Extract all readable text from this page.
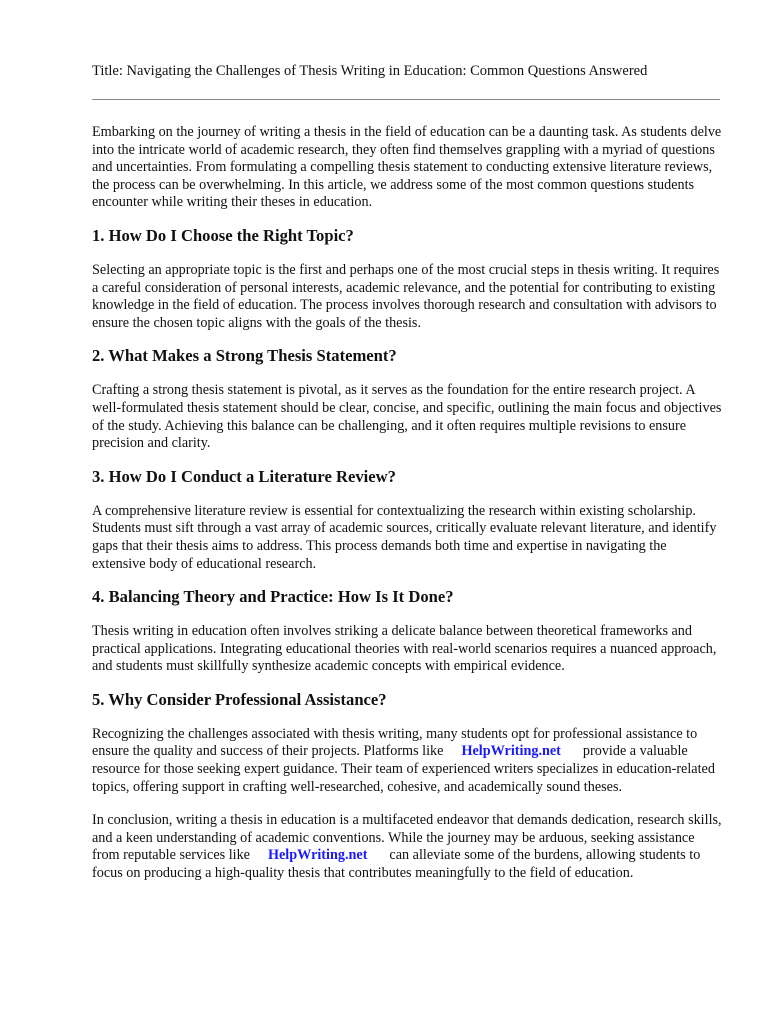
Title: Navigating the Challenges of Thesis Writing in Education: Common Questions Answered

Embarking on the journey of writing a thesis in the field of education can be a daunting task. As students delve into the intricate world of academic research, they often find themselves grappling with a myriad of questions and uncertainties. From formulating a compelling thesis statement to conducting extensive literature reviews, the process can be overwhelming. In this article, we address some of the most common questions students encounter while writing their theses in education.

1. How Do I Choose the Right Topic?

Selecting an appropriate topic is the first and perhaps one of the most crucial steps in thesis writing. It requires a careful consideration of personal interests, academic relevance, and the potential for contributing to existing knowledge in the field of education. The process involves thorough research and consultation with advisors to ensure the chosen topic aligns with the goals of the thesis.

2. What Makes a Strong Thesis Statement?

Crafting a strong thesis statement is pivotal, as it serves as the foundation for the entire research project. A well-formulated thesis statement should be clear, concise, and specific, outlining the main focus and objectives of the study. Achieving this balance can be challenging, and it often requires multiple revisions to ensure precision and clarity.

3. How Do I Conduct a Literature Review?

A comprehensive literature review is essential for contextualizing the research within existing scholarship. Students must sift through a vast array of academic sources, critically evaluate relevant literature, and identify gaps that their thesis aims to address. This process demands both time and expertise in navigating the extensive body of educational research.

4. Balancing Theory and Practice: How Is It Done?

Thesis writing in education often involves striking a delicate balance between theoretical frameworks and practical applications. Integrating educational theories with real-world scenarios requires a nuanced approach, and students must skillfully synthesize academic concepts with empirical evidence.

5. Why Consider Professional Assistance?

Recognizing the challenges associated with thesis writing, many students opt for professional assistance to ensure the quality and success of their projects. Platforms like HelpWriting.net provide a valuable resource for those seeking expert guidance. Their team of experienced writers specializes in education-related topics, offering support in crafting well-researched, cohesive, and academically sound theses.

In conclusion, writing a thesis in education is a multifaceted endeavor that demands dedication, research skills, and a keen understanding of academic conventions. While the journey may be arduous, seeking assistance from reputable services like HelpWriting.net can alleviate some of the burdens, allowing students to focus on producing a high-quality thesis that contributes meaningfully to the field of education.
